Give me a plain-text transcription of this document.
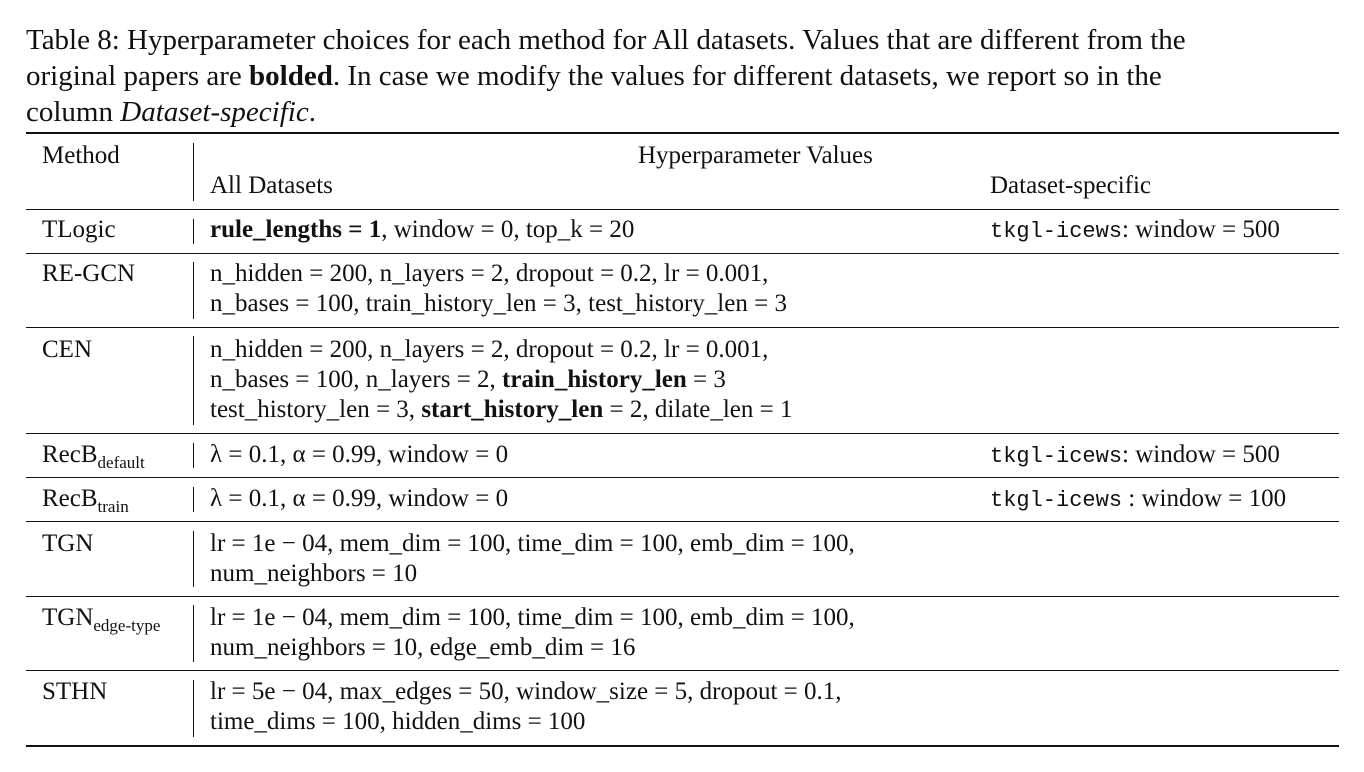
Table 8: Hyperparameter choices for each method for All datasets. Values that are different from the
original papers are bolded. In case we modify the values for different datasets, we report so in the
column Dataset-specific.
Method	Hyperparameter Values
All Datasets	Dataset-specific
TLogic	rule_lengths = 1, window = 0, top_k = 20	tkgl-icews: window = 500
RE-GCN	n_hidden = 200, n_layers = 2, dropout = 0.2, lr = 0.001,
n_bases = 100, train_history_len = 3, test_history_len = 3
CEN	n_hidden = 200, n_layers = 2, dropout = 0.2, lr = 0.001,
n_bases = 100, n_layers = 2, train_history_len = 3
test_history_len = 3, start_history_len = 2, dilate_len = 1
RecB$_{default}$	λ = 0.1, α = 0.99, window = 0	tkgl-icews: window = 500
RecB$_{train}$	λ = 0.1, α = 0.99, window = 0	tkgl-icews : window = 100
TGN	lr = 1e − 04, mem_dim = 100, time_dim = 100, emb_dim = 100,
num_neighbors = 10
$TGN_{edge-type}$ lr = 1e − 04, mem_dim = 100, time_dim = 100, emb_dim = 100,
num_neighbors = 10, edge_emb_dim = 16
STHN	lr = 5e − 04, max_edges = 50, window_size = 5, dropout = 0.1,
time_dims = 100, hidden_dims = 100
